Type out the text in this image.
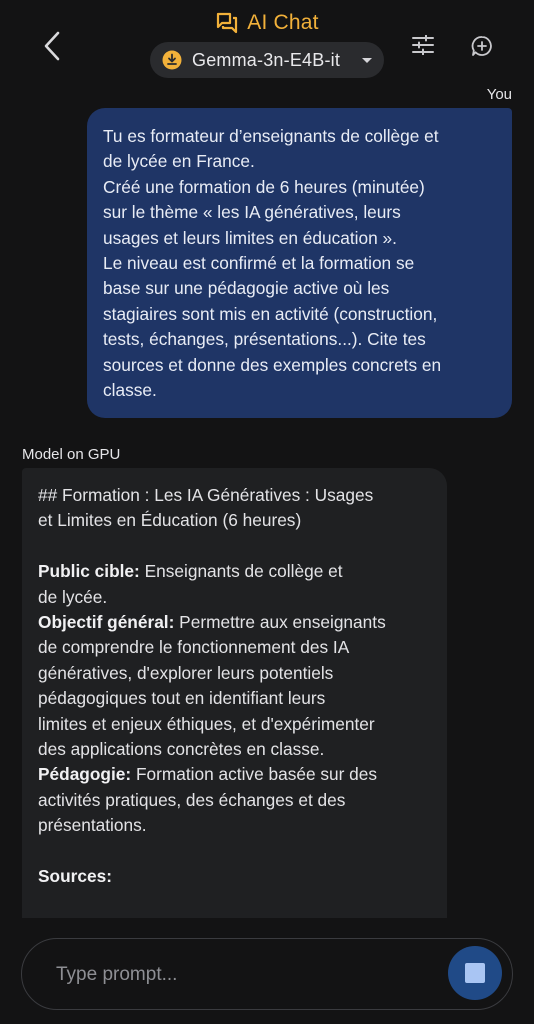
AI Chat
Gemma-3n-E4B-it
You

Tu es formateur d’enseignants de collège et
de lycée en France.
Créé une formation de 6 heures (minutée)
sur le thème « les IA génératives, leurs
usages et leurs limites en éducation ».
Le niveau est confirmé et la formation se
base sur une pédagogie active où les
stagiaires sont mis en activité (construction,
tests, échanges, présentations...). Cite tes
sources et donne des exemples concrets en
classe.

Model on GPU

## Formation : Les IA Génératives : Usages

et Limites en Éducation (6 heures)

Public cible: Enseignants de collège et

de lycée.

Objectif général: Permettre aux enseignants

de comprendre le fonctionnement des IA

génératives, d'explorer leurs potentiels

pédagogiques tout en identifiant leurs

limites et enjeux éthiques, et d'expérimenter

des applications concrètes en classe.

Pédagogie: Formation active basée sur des

activités pratiques, des échanges et des

présentations.

Sources:

Type prompt...
